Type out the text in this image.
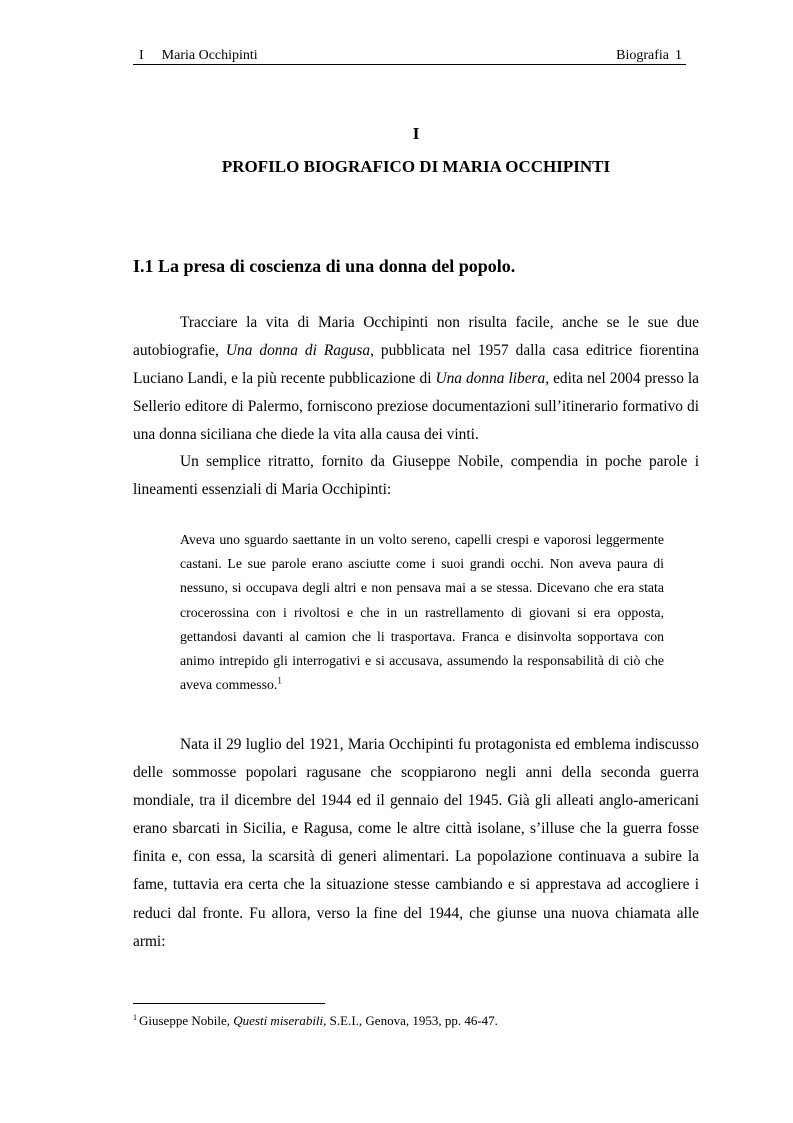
I Maria Occhipinti	Biografia 1
I
PROFILO BIOGRAFICO DI MARIA OCCHIPINTI
I.1 La presa di coscienza di una donna del popolo.

Tracciare la vita di Maria Occhipinti non risulta facile, anche se le sue due autobiografie, Una donna di Ragusa, pubblicata nel 1957 dalla casa editrice fiorentina Luciano Landi, e la più recente pubblicazione di Una donna libera, edita nel 2004 presso la Sellerio editore di Palermo, forniscono preziose documentazioni sull’itinerario formativo di una donna siciliana che diede la vita alla causa dei vinti.

Un semplice ritratto, fornito da Giuseppe Nobile, compendia in poche parole i lineamenti essenziali di Maria Occhipinti:

Aveva uno sguardo saettante in un volto sereno, capelli crespi e vaporosi leggermente castani. Le sue parole erano asciutte come i suoi grandi occhi. Non aveva paura di nessuno, si occupava degli altri e non pensava mai a se stessa. Dicevano che era stata crocerossina con i rivoltosi e che in un rastrellamento di giovani si era opposta, gettandosi davanti al camion che li trasportava. Franca e disinvolta sopportava con animo intrepido gli interrogativi e si accusava, assumendo la responsabilità di ciò che aveva commesso.$^1$

Nata il 29 luglio del 1921, Maria Occhipinti fu protagonista ed emblema indiscusso delle sommosse popolari ragusane che scoppiarono negli anni della seconda guerra mondiale, tra il dicembre del 1944 ed il gennaio del 1945. Già gli alleati anglo-americani erano sbarcati in Sicilia, e Ragusa, come le altre città isolane, s’illuse che la guerra fosse finita e, con essa, la scarsità di generi alimentari. La popolazione continuava a subire la fame, tuttavia era certa che la situazione stesse cambiando e si apprestava ad accogliere i reduci dal fronte. Fu allora, verso la fine del 1944, che giunse una nuova chiamata alle armi:

$^1$ Giuseppe Nobile, Questi miserabili, S.E.I., Genova, 1953, pp. 46-47.
